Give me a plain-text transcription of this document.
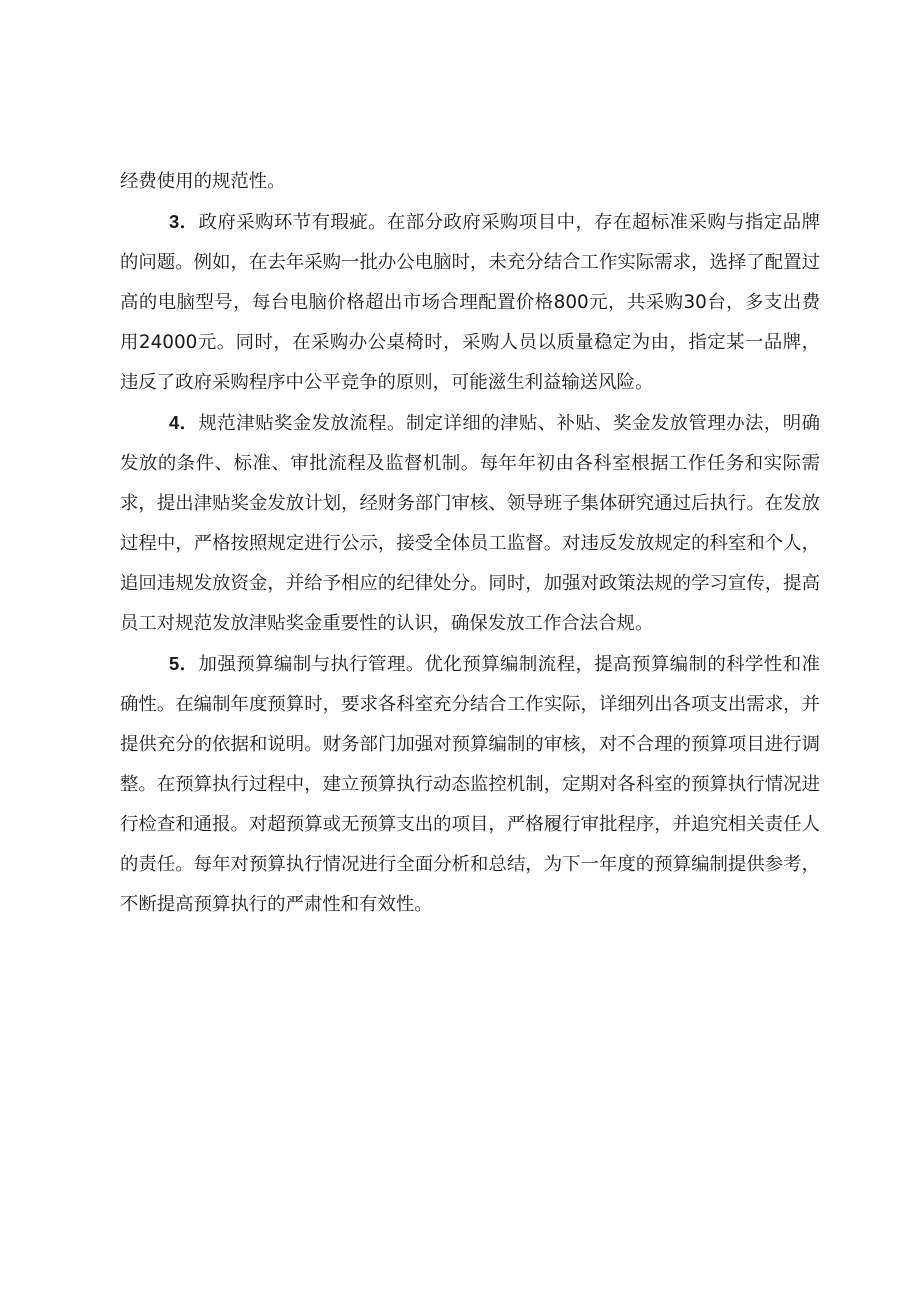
经费使用的规范性。

3．政府采购环节有瑕疵。在部分政府采购项目中，存在超标准采购与指定品牌的问题。例如，在去年采购一批办公电脑时，未充分结合工作实际需求，选择了配置过高的电脑型号，每台电脑价格超出市场合理配置价格800元，共采购30台，多支出费用24000元。同时，在采购办公桌椅时，采购人员以质量稳定为由，指定某一品牌，违反了政府采购程序中公平竞争的原则，可能滋生利益输送风险。

4．规范津贴奖金发放流程。制定详细的津贴、补贴、奖金发放管理办法，明确发放的条件、标准、审批流程及监督机制。每年年初由各科室根据工作任务和实际需求，提出津贴奖金发放计划，经财务部门审核、领导班子集体研究通过后执行。在发放过程中，严格按照规定进行公示，接受全体员工监督。对违反发放规定的科室和个人，追回违规发放资金，并给予相应的纪律处分。同时，加强对政策法规的学习宣传，提高员工对规范发放津贴奖金重要性的认识，确保发放工作合法合规。

5．加强预算编制与执行管理。优化预算编制流程，提高预算编制的科学性和准确性。在编制年度预算时，要求各科室充分结合工作实际，详细列出各项支出需求，并提供充分的依据和说明。财务部门加强对预算编制的审核，对不合理的预算项目进行调整。在预算执行过程中，建立预算执行动态监控机制，定期对各科室的预算执行情况进行检查和通报。对超预算或无预算支出的项目，严格履行审批程序，并追究相关责任人的责任。每年对预算执行情况进行全面分析和总结，为下一年度的预算编制提供参考，不断提高预算执行的严肃性和有效性。
